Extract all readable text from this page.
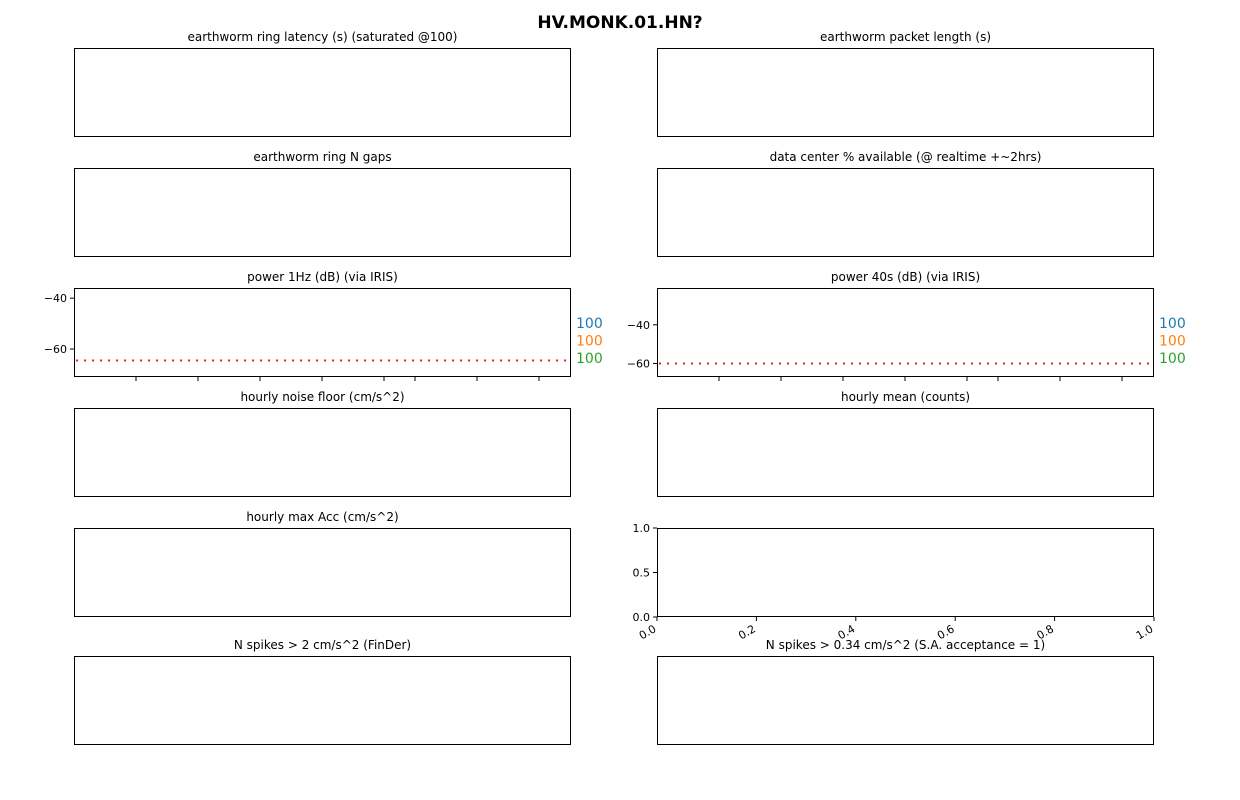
HV.MONK.01.HN?
earthworm ring latency (s) (saturated @100)	earthworm packet length (s)
earthworm ring N gaps	data center % available (@ realtime +~2hrs)
power 1Hz (dB) (via IRIS)	power 40s (dB) (via IRIS)
hourly noise floor (cm/s^2)	hourly mean (counts)
hourly max Acc (cm/s^2)
N spikes > 2 cm/s^2 (FinDer)	N spikes > 0.34 cm/s^2 (S.A. acceptance = 1)
−40
−60
100
100
100
−40
−60
100
100
100
0.0
0.5
1.0
0.0	0.2	0.4	0.6	0.8	1.0
